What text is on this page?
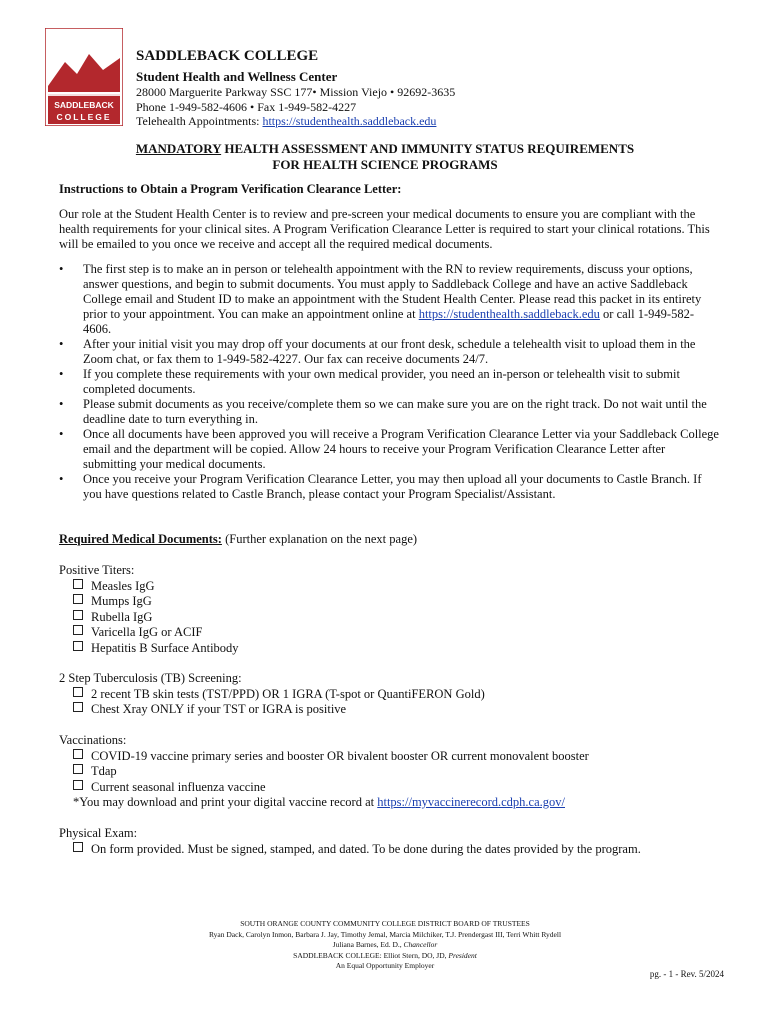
SADDLEBACK
COLLEGE

SADDLEBACK COLLEGE

Student Health and Wellness Center

28000 Marguerite Parkway SSC 177• Mission Viejo • 92692-3635

Phone 1-949-582-4606 • Fax 1-949-582-4227

Telehealth Appointments: https://studenthealth.saddleback.edu

MANDATORY HEALTH ASSESSMENT AND IMMUNITY STATUS REQUIREMENTS
FOR HEALTH SCIENCE PROGRAMS
Instructions to Obtain a Program Verification Clearance Letter:
Our role at the Student Health Center is to review and pre-screen your medical documents to ensure you are compliant with the health requirements for your clinical sites. A Program Verification Clearance Letter is required to start your clinical rotations. This will be emailed to you once we receive and accept all the required medical documents.
• The first step is to make an in person or telehealth appointment with the RN to review requirements, discuss your options, answer questions, and begin to submit documents. You must apply to Saddleback College and have an active Saddleback College email and Student ID to make an appointment with the Student Health Center. Please read this packet in its entirety prior to your appointment. You can make an appointment online at https://studenthealth.saddleback.edu or call 1-949-582-4606.
• After your initial visit you may drop off your documents at our front desk, schedule a telehealth visit to upload them in the Zoom chat, or fax them to 1-949-582-4227. Our fax can receive documents 24/7.
• If you complete these requirements with your own medical provider, you need an in-person or telehealth visit to submit completed documents.
• Please submit documents as you receive/complete them so we can make sure you are on the right track. Do not wait until the deadline date to turn everything in.
• Once all documents have been approved you will receive a Program Verification Clearance Letter via your Saddleback College email and the department will be copied. Allow 24 hours to receive your Program Verification Clearance Letter after submitting your medical documents.
• Once you receive your Program Verification Clearance Letter, you may then upload all your documents to Castle Branch. If you have questions related to Castle Branch, please contact your Program Specialist/Assistant.
Required Medical Documents: (Further explanation on the next page)

Positive Titers:

Measles IgG

Mumps IgG

Rubella IgG

Varicella IgG or ACIF

Hepatitis B Surface Antibody

2 Step Tuberculosis (TB) Screening:

2 recent TB skin tests (TST/PPD) OR 1 IGRA (T-spot or QuantiFERON Gold)

Chest Xray ONLY if your TST or IGRA is positive

Vaccinations:

COVID-19 vaccine primary series and booster OR bivalent booster OR current monovalent booster

Tdap

Current seasonal influenza vaccine

*You may download and print your digital vaccine record at https://myvaccinerecord.cdph.ca.gov/

Physical Exam:

On form provided. Must be signed, stamped, and dated. To be done during the dates provided by the program.

SOUTH ORANGE COUNTY COMMUNITY COLLEGE DISTRICT BOARD OF TRUSTEES
Ryan Dack, Carolyn Inmon, Barbara J. Jay, Timothy Jemal, Marcia Milchiker, T.J. Prendergast III, Terri Whitt Rydell
Juliana Barnes, Ed. D., Chancellor
SADDLEBACK COLLEGE: Elliot Stern, DO, JD, President
An Equal Opportunity Employer
pg. - 1 - Rev. 5/2024
